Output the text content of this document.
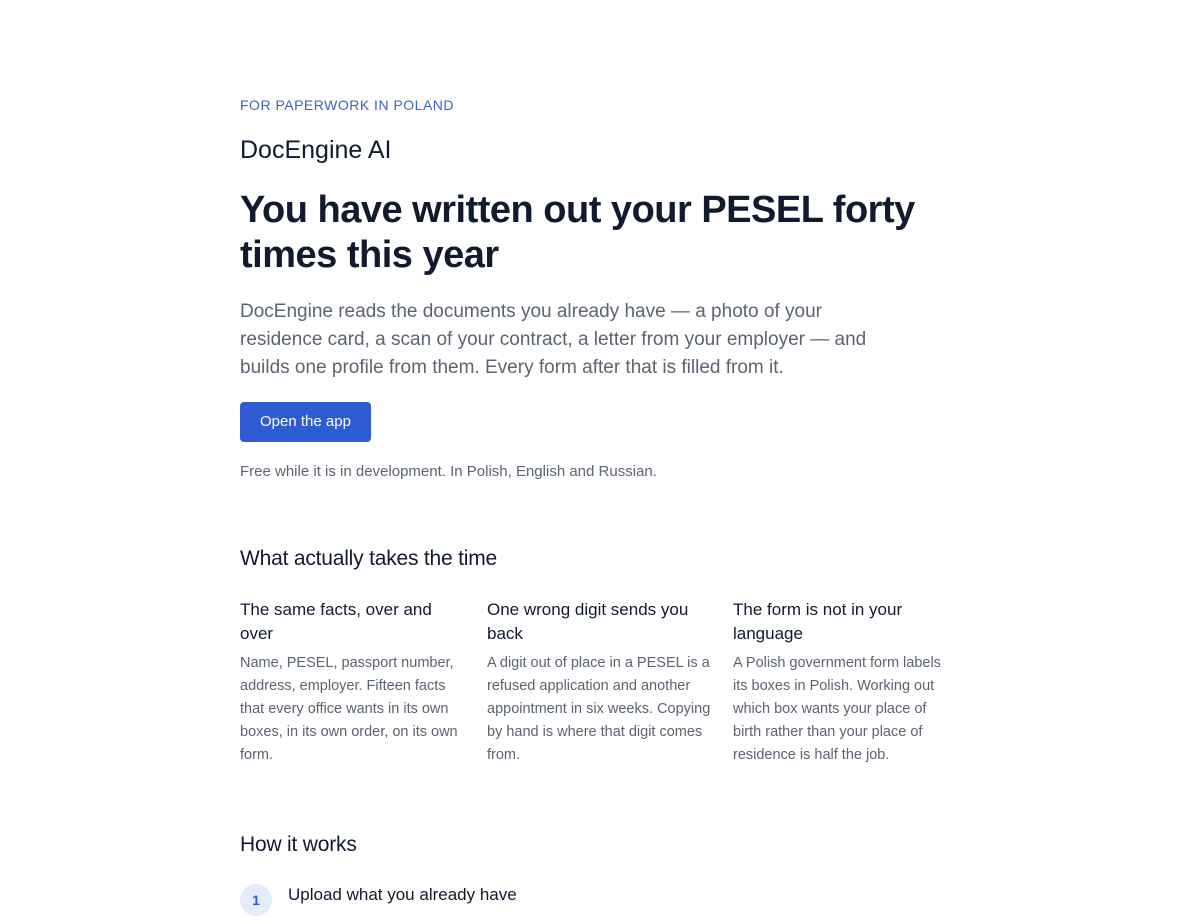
FOR PAPERWORK IN POLAND
DocEngine AI
You have written out your PESEL forty times this year

DocEngine reads the documents you already have — a photo of your residence card, a scan of your contract, a letter from your employer — and builds one profile from them. Every form after that is filled from it.

Open the app
Free while it is in development. In Polish, English and Russian.
What actually takes the time
The same facts, over and over

Name, PESEL, passport number, address, employer. Fifteen facts that every office wants in its own boxes, in its own order, on its own form.

One wrong digit sends you back

A digit out of place in a PESEL is a refused application and another appointment in six weeks. Copying by hand is where that digit comes from.

The form is not in your language

A Polish government form labels its boxes in Polish. Working out which box wants your place of birth rather than your place of residence is half the job.

How it works
1	Upload what you already have
